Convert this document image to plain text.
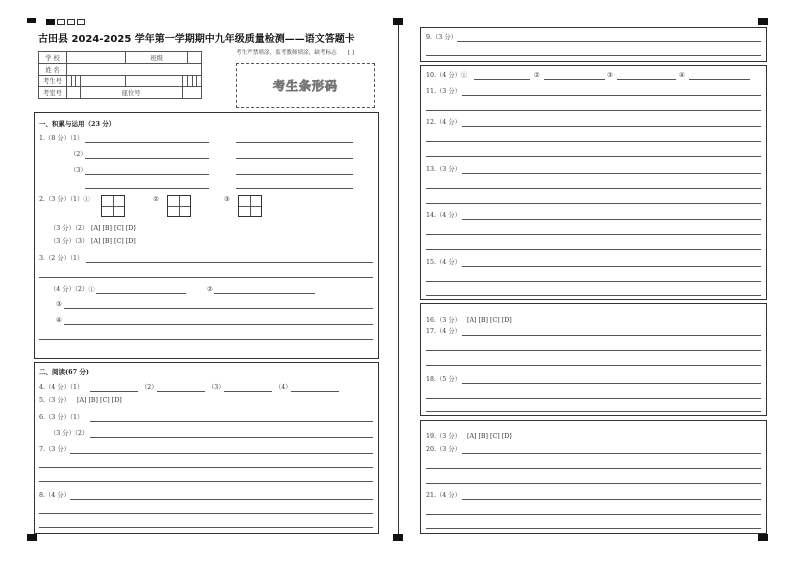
古田县 2024-2025 学年第一学期期中九年级质量检测——语文答题卡
学 校					班级				
姓 名									
考生号									
考室号				座位号					
考生严禁填涂，监考教师填涂，缺考标志 [ ]
考生条形码
一、积累与运用（23 分）
1.（8 分）（1）
（2）
（3）
2.（3 分）（1）①	②	③
（3 分）（2） [A] [B] [C] [D]
（3 分）（3） [A] [B] [C] [D]
3.（2 分）（1）
（4 分）（2）①	②
③
④
二、阅读(67 分)
4.（4 分）（1）	（2）	（3）	（4）
5.（3 分） [A] [B] [C] [D]
6.（3 分）（1）
（3 分）（2）
7.（3 分）
8.（4 分）
9.（3 分）
10.（4 分）①	②	③	④
11.（3 分）
12.（4 分）
13.（3 分）
14.（4 分）
15.（4 分）
16.（3 分） [A] [B] [C] [D]
17.（4 分）
18.（5 分）
19.（3 分） [A] [B] [C] [D]
20.（3 分）
21.（4 分）
